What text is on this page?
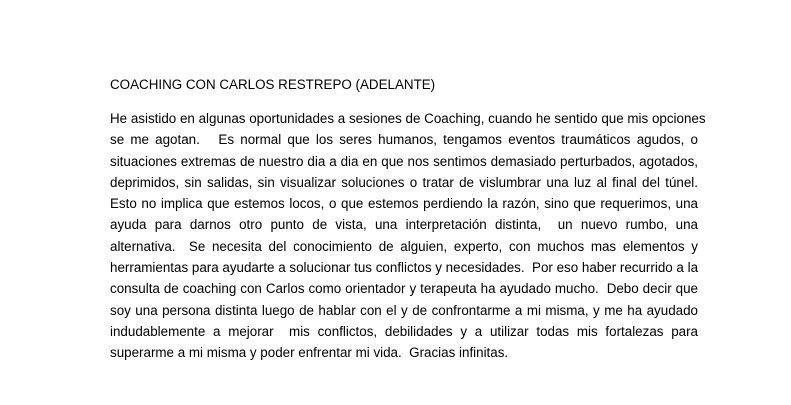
COACHING CON CARLOS RESTREPO (ADELANTE)
He asistido en algunas oportunidades a sesiones de Coaching, cuando he sentido que mis opciones
se me agotan.   Es normal que los seres humanos, tengamos eventos traumáticos agudos, o
situaciones extremas de nuestro dia a dia en que nos sentimos demasiado perturbados, agotados,
deprimidos, sin salidas, sin visualizar soluciones o tratar de vislumbrar una luz al final del túnel.
Esto no implica que estemos locos, o que estemos perdiendo la razón, sino que requerimos, una
ayuda para darnos otro punto de vista, una interpretación distinta,  un nuevo rumbo, una
alternativa.  Se necesita del conocimiento de alguien, experto, con muchos mas elementos y
herramientas para ayudarte a solucionar tus conflictos y necesidades.  Por eso haber recurrido a la
consulta de coaching con Carlos como orientador y terapeuta ha ayudado mucho.  Debo decir que
soy una persona distinta luego de hablar con el y de confrontarme a mi misma, y me ha ayudado
indudablemente a mejorar  mis conflictos, debilidades y a utilizar todas mis fortalezas para
superarme a mi misma y poder enfrentar mi vida.  Gracias infinitas.
